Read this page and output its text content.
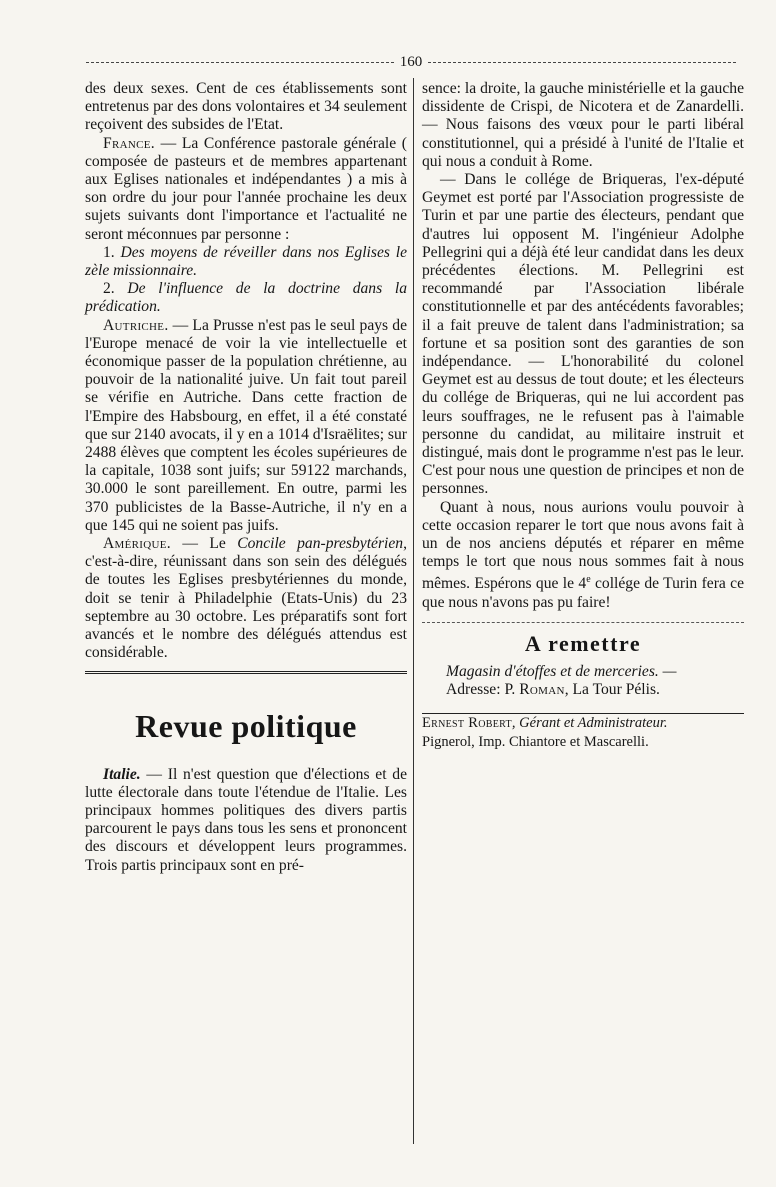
160

des deux sexes. Cent de ces établissements sont entretenus par des dons volontaires et 34 seulement reçoivent des subsides de l'Etat.

France. — La Conférence pastorale générale ( composée de pasteurs et de membres appartenant aux Eglises nationales et indépendantes ) a mis à son ordre du jour pour l'année prochaine les deux sujets suivants dont l'importance et l'actualité ne seront méconnues par personne :

1. Des moyens de réveiller dans nos Eglises le zèle missionnaire.

2. De l'influence de la doctrine dans la prédication.

Autriche. — La Prusse n'est pas le seul pays de l'Europe menacé de voir la vie intellectuelle et économique passer de la population chrétienne, au pouvoir de la nationalité juive. Un fait tout pareil se vérifie en Autriche. Dans cette fraction de l'Empire des Habsbourg, en effet, il a été constaté que sur 2140 avocats, il y en a 1014 d'Israëlites; sur 2488 élèves que comptent les écoles supérieures de la capitale, 1038 sont juifs; sur 59122 marchands, 30.000 le sont pareillement. En outre, parmi les 370 publicistes de la Basse-Autriche, il n'y en a que 145 qui ne soient pas juifs.

Amérique. — Le Concile pan-presbytérien, c'est-à-dire, réunissant dans son sein des délégués de toutes les Eglises presbytériennes du monde, doit se tenir à Philadelphie (Etats-Unis) du 23 septembre au 30 octobre. Les préparatifs sont fort avancés et le nombre des délégués attendus est considérable.

Revue politique

Italie. — Il n'est question que d'élections et de lutte électorale dans toute l'étendue de l'Italie. Les principaux hommes politiques des divers partis parcourent le pays dans tous les sens et prononcent des discours et développent leurs programmes. Trois partis principaux sont en pré-

sence: la droite, la gauche ministérielle et la gauche dissidente de Crispi, de Nicotera et de Zanardelli. — Nous faisons des vœux pour le parti libéral constitutionnel, qui a présidé à l'unité de l'Italie et qui nous a conduit à Rome.

— Dans le collége de Briqueras, l'ex-député Geymet est porté par l'Association progressiste de Turin et par une partie des électeurs, pendant que d'autres lui opposent M. l'ingénieur Adolphe Pellegrini qui a déjà été leur candidat dans les deux précédentes élections. M. Pellegrini est recommandé par l'Association libérale constitutionnelle et par des antécédents favorables; il a fait preuve de talent dans l'administration; sa fortune et sa position sont des garanties de son indépendance. — L'honorabilité du colonel Geymet est au dessus de tout doute; et les électeurs du collége de Briqueras, qui ne lui accordent pas leurs souffrages, ne le refusent pas à l'aimable personne du candidat, au militaire instruit et distingué, mais dont le programme n'est pas le leur. C'est pour nous une question de principes et non de personnes.

Quant à nous, nous aurions voulu pouvoir à cette occasion reparer le tort que nous avons fait à un de nos anciens députés et réparer en même temps le tort que nous nous sommes fait à nous mêmes. Espérons que le 4e collége de Turin fera ce que nous n'avons pas pu faire!

A remettre

Magasin d'étoffes et de merceries. —

Adresse: P. Roman, La Tour Pélis.

Ernest Robert, Gérant et Administrateur.

Pignerol, Imp. Chiantore et Mascarelli.
